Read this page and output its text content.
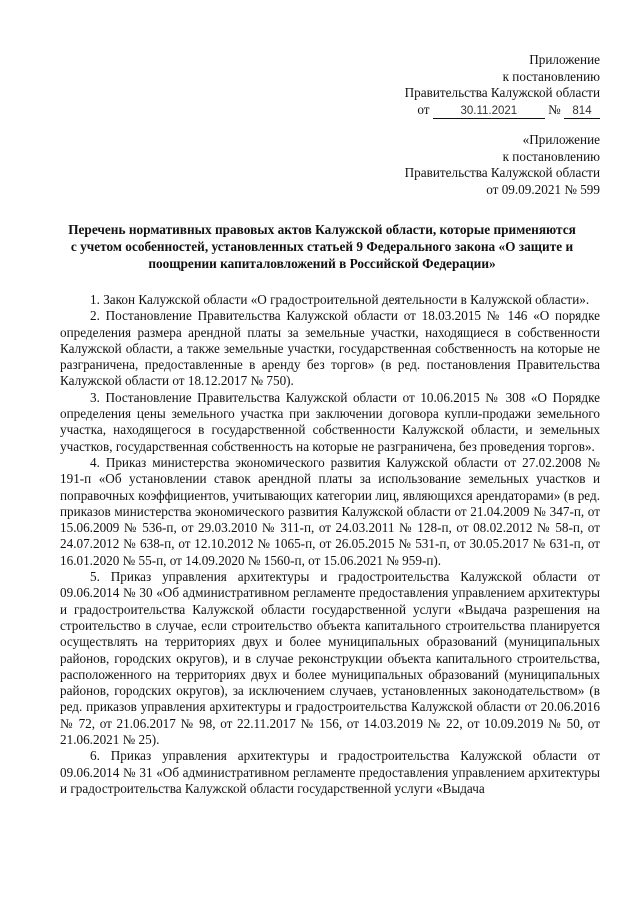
Приложение
к постановлению
Правительства Калужской области
от	30.11.2021 № 814
«Приложение
к постановлению
Правительства Калужской области
от 09.09.2021 № 599
Перечень нормативных правовых актов Калужской области, которые применяются
с учетом особенностей, установленных статьей 9 Федерального закона «О защите и
поощрении капиталовложений в Российской Федерации»

1. Закон Калужской области «О градостроительной деятельности в Калужской области».

2. Постановление Правительства Калужской области от 18.03.2015 № 146 «О порядке определения размера арендной платы за земельные участки, находящиеся в собственности Калужской области, а также земельные участки, государственная собственность на которые не разграничена, предоставленные в аренду без торгов» (в ред. постановления Правительства Калужской области от 18.12.2017 № 750).

3. Постановление Правительства Калужской области от 10.06.2015 № 308 «О Порядке определения цены земельного участка при заключении договора купли-продажи земельного участка, находящегося в государственной собственности Калужской области, и земельных участков, государственная собственность на которые не разграничена, без проведения торгов».

4. Приказ министерства экономического развития Калужской области от 27.02.2008 № 191-п «Об установлении ставок арендной платы за использование земельных участков и поправочных коэффициентов, учитывающих категории лиц, являющихся арендаторами» (в ред. приказов министерства экономического развития Калужской области от 21.04.2009 № 347-п, от 15.06.2009 № 536-п, от 29.03.2010 № 311-п, от 24.03.2011 № 128-п, от 08.02.2012 № 58-п, от 24.07.2012 № 638-п, от 12.10.2012 № 1065-п, от 26.05.2015 № 531-п, от 30.05.2017 № 631-п, от 16.01.2020 № 55-п, от 14.09.2020 № 1560-п, от 15.06.2021 № 959-п).

5. Приказ управления архитектуры и градостроительства Калужской области от 09.06.2014 № 30 «Об административном регламенте предоставления управлением архитектуры и градостроительства Калужской области государственной услуги «Выдача разрешения на строительство в случае, если строительство объекта капитального строительства планируется осуществлять на территориях двух и более муниципальных образований (муниципальных районов, городских округов), и в случае реконструкции объекта капитального строительства, расположенного на территориях двух и более муниципальных образований (муниципальных районов, городских округов), за исключением случаев, установленных законодательством» (в ред. приказов управления архитектуры и градостроительства Калужской области от 20.06.2016 № 72, от 21.06.2017 № 98, от 22.11.2017 № 156, от 14.03.2019 № 22, от 10.09.2019 № 50, от 21.06.2021 № 25).

6. Приказ управления архитектуры и градостроительства Калужской области от 09.06.2014 № 31 «Об административном регламенте предоставления управлением архитектуры и градостроительства Калужской области государственной услуги «Выдача
